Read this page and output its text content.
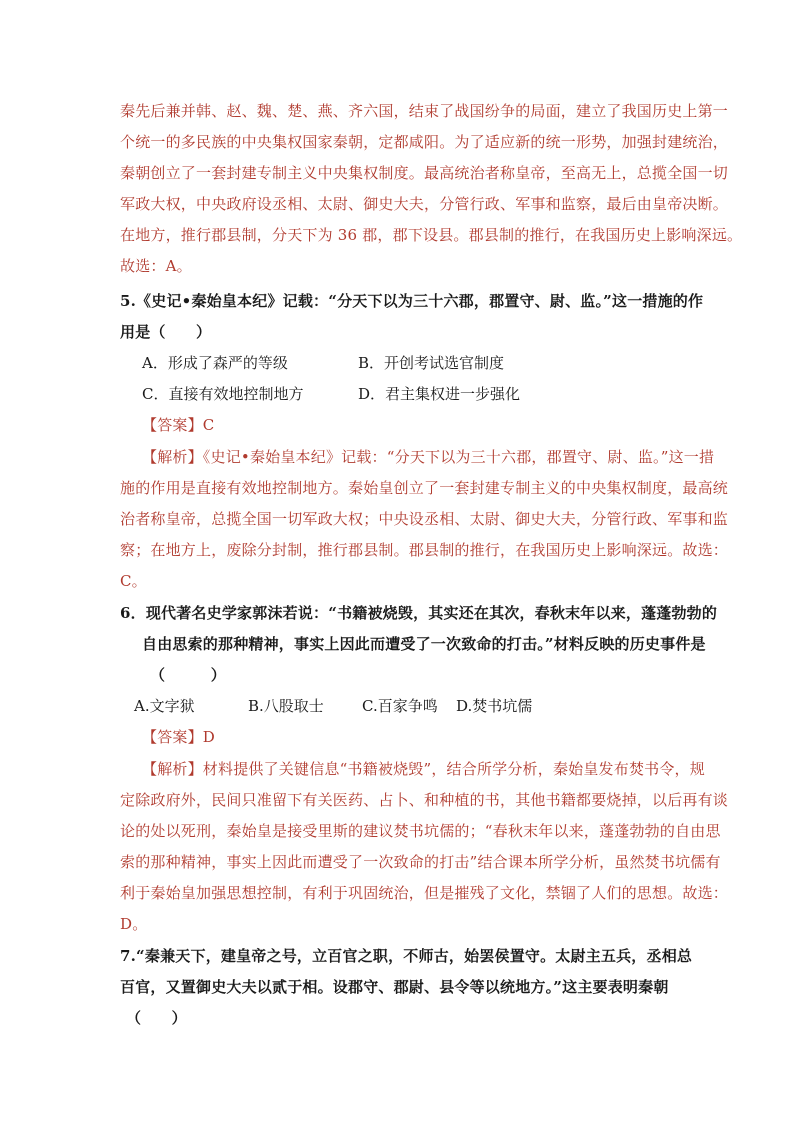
秦先后兼并韩、赵、魏、楚、燕、齐六国，结束了战国纷争的局面，建立了我国历史上第一
个统一的多民族的中央集权国家秦朝，定都咸阳。为了适应新的统一形势，加强封建统治，
秦朝创立了一套封建专制主义中央集权制度。最高统治者称皇帝，至高无上，总揽全国一切
军政大权，中央政府设丞相、太尉、御史大夫，分管行政、军事和监察，最后由皇帝决断。
在地方，推行郡县制，分天下为 36 郡，郡下设县。郡县制的推行，在我国历史上影响深远。
故选：A。
5.《史记•秦始皇本纪》记载：“分天下以为三十六郡，郡置守、尉、监。”这一措施的作
用是（　　）
A．形成了森严的等级	B．开创考试选官制度
C．直接有效地控制地方	D．君主集权进一步强化
【答案】C
【解析】《史记•秦始皇本纪》记载：“分天下以为三十六郡，郡置守、尉、监。”这一措
施的作用是直接有效地控制地方。秦始皇创立了一套封建专制主义的中央集权制度，最高统
治者称皇帝，总揽全国一切军政大权；中央设丞相、太尉、御史大夫，分管行政、军事和监
察；在地方上，废除分封制，推行郡县制。郡县制的推行，在我国历史上影响深远。故选：
C。
6．现代著名史学家郭沫若说：“书籍被烧毁，其实还在其次，春秋末年以来，蓬蓬勃勃的
自由思索的那种精神，事实上因此而遭受了一次致命的打击。”材料反映的历史事件是
（　　　）
A.文字狱	B.八股取士	C.百家争鸣 D.焚书坑儒
【答案】D
【解析】材料提供了关键信息“书籍被烧毁”，结合所学分析，秦始皇发布焚书令，规
定除政府外，民间只准留下有关医药、占卜、和种植的书，其他书籍都要烧掉，以后再有谈
论的处以死刑，秦始皇是接受里斯的建议焚书坑儒的；“春秋末年以来，蓬蓬勃勃的自由思
索的那种精神，事实上因此而遭受了一次致命的打击”结合课本所学分析，虽然焚书坑儒有
利于秦始皇加强思想控制，有利于巩固统治，但是摧残了文化，禁锢了人们的思想。故选：
D。
7.“秦兼天下，建皇帝之号，立百官之职，不师古，始罢侯置守。太尉主五兵，丞相总
百官，又置御史大夫以贰于相。设郡守、郡尉、县令等以统地方。”这主要表明秦朝
（　　）
